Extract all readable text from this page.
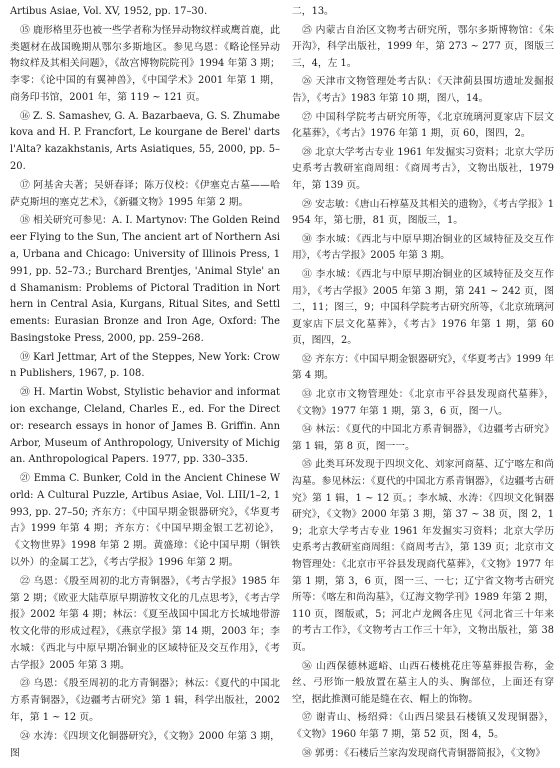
Artibus Asiae, Vol. XV, 1952, pp. 17–30.

⑮ 鹿形格里芬也被一些学者称为怪异动物纹样或鹰首鹿，此类题材在战国晚期从鄂尔多斯地区。参见乌恩：《略论怪异动物纹样及其相关问题》，《故宫博物院院刊》1994 年第 3 期；李零：《论中国的有翼神兽》，《中国学术》2001 年第 1 期，商务印书馆，2001 年，第 119 ~ 121 页。

⑯ Z. S. Samashev, G. A. Bazarbaeva, G. S. Zhumabekova and H. P. Francfort, Le kourgane de Berel' darts l'Alta? kazakhstanis, Arts Asiatiques, 55, 2000, pp. 5–20.

⑰ 阿基舍夫著；吴妍春译；陈万仪校：《伊塞克古墓——哈萨克斯坦的塞克艺术》，《新疆文物》1995 年第 2 期。

⑱ 相关研究可参见：A. I. Martynov: The Golden Reindeer Flying to the Sun, The ancient art of Northern Asia, Urbana and Chicago: University of Illinois Press, 1991, pp. 52–73.; Burchard Brentjes, 'Animal Style' and Shamanism: Problems of Pictoral Tradition in Northern in Central Asia, Kurgans, Ritual Sites, and Settlements: Eurasian Bronze and Iron Age, Oxford: The Basingstoke Press, 2000, pp. 259–268.

⑲ Karl Jettmar, Art of the Steppes, New York: Crown Publishers, 1967, p. 108.

⑳ H. Martin Wobst, Stylistic behavior and information exchange, Cleland, Charles E., ed. For the Director: research essays in honor of James B. Griffin. Ann Arbor, Museum of Anthropology, University of Michigan. Anthropological Papers. 1977, pp. 330–335.

㉑ Emma C. Bunker, Cold in the Ancient Chinese World: A Cultural Puzzle, Artibus Asiae, Vol. LIII/1–2, 1993, pp. 27–50; 齐东方：《中国早期金银器研究》，《华夏考古》1999 年第 4 期；齐东方：《中国早期金银工艺初论》，《文物世界》1998 年第 2 期。黄盛璋：《论中国早期（铜铁以外）的金属工艺》，《考古学报》1996 年第 2 期。

㉒ 乌恩：《殷至周初的北方青铜器》，《考古学报》1985 年第 2 期；《欧亚大陆草原早期游牧文化的几点思考》，《考古学报》2002 年第 4 期；林沄：《夏至战国中国北方长城地带游牧文化带的形成过程》，《燕京学报》第 14 期，2003 年；李水城：《西北与中原早期冶铜业的区域特征及交互作用》，《考古学报》2005 年第 3 期。

㉓ 乌恩：《殷至周初的北方青铜器》；林沄：《夏代的中国北方系青铜器》，《边疆考古研究》第 1 辑，科学出版社，2002 年，第 1 ~ 12 页。

㉔ 水涛：《四坝文化铜器研究》，《文物》2000 年第 3 期，图

二，13。

㉕ 内蒙古自治区文物考古研究所，鄂尔多斯博物馆：《朱开沟》，科学出版社，1999 年，第 273 ~ 277 页，图版三三，4，左 1。

㉖ 天津市文物管理处考古队：《天津蓟县围坊遗址发掘报告》，《考古》1983 年第 10 期，图八，14。

㉗ 中国科学院考古研究所等，《北京琉璃河夏家店下层文化墓葬》，《考古》1976 年第 1 期，页 60，图四，2。

㉘ 北京大学考古专业 1961 年发掘实习资料；北京大学历史系考古教研室商周组：《商周考古》，文物出版社，1979 年，第 139 页。

㉙ 安志敏：《唐山石椁墓及其相关的遗物》，《考古学报》1954 年，第七册，81 页，图版三，1。

㉚ 李水城：《西北与中原早期冶铜业的区域特征及交互作用》，《考古学报》2005 年第 3 期。

㉛ 李水城：《西北与中原早期冶铜业的区域特征及交互作用》，《考古学报》2005 年第 3 期，第 241 ~ 242 页，图二，11；图三，9；中国科学院考古研究所等，《北京琉璃河夏家店下层文化墓葬》，《考古》1976 年第 1 期，第 60 页，图四，2。

㉜ 齐东方：《中国早期金银器研究》，《华夏考古》1999 年第 4 期。

㉝ 北京市文物管理处：《北京市平谷县发现商代墓葬》，《文物》1977 年第 1 期，第 3，6 页，图一八。

㉞ 林沄：《夏代的中国北方系青铜器》，《边疆考古研究》第 1 辑，第 8 页，图一一。

㉟ 此类耳环发现于四坝文化、刘家河商墓、辽宁喀左和尚沟墓。参见林沄：《夏代的中国北方系青铜器》，《边疆考古研究》第 1 辑，1 ~ 12 页。；李水城、水涛：《四坝文化铜器研究》，《文物》2000 年第 3 期，第 37 ~ 38 页，图 2，19；北京大学考古专业 1961 年发掘实习资料；北京大学历史系考古教研室商周组：《商周考古》，第 139 页；北京市文物管理处：《北京市平谷县发现商代墓葬》，《文物》1977 年第 1 期，第 3，6 页，图一三、一七；辽宁省文物考古研究所等：《喀左和尚沟墓》，《辽海文物学刊》1989 年第 2 期，110 页，图版贰，5；河北卢龙阙各庄见《河北省三十年来的考古工作》，《文物考古工作三十年》，文物出版社，第 38 页。

㊱ 山西保德林遮峪、山西石楼桃花庄等墓葬报告称，金丝、弓形饰一般放置在墓主人的头、胸部位，上面还有穿空，据此推测可能是缝在衣、帽上的饰物。

㊲ 谢青山、杨绍舜：《山西吕梁县石楼镇又发现铜器》，《文物》1960 年第 7 期，第 52 页，图 4，5。

㊳ 郭勇：《石楼后兰家沟发现商代青铜器简报》，《文物》
